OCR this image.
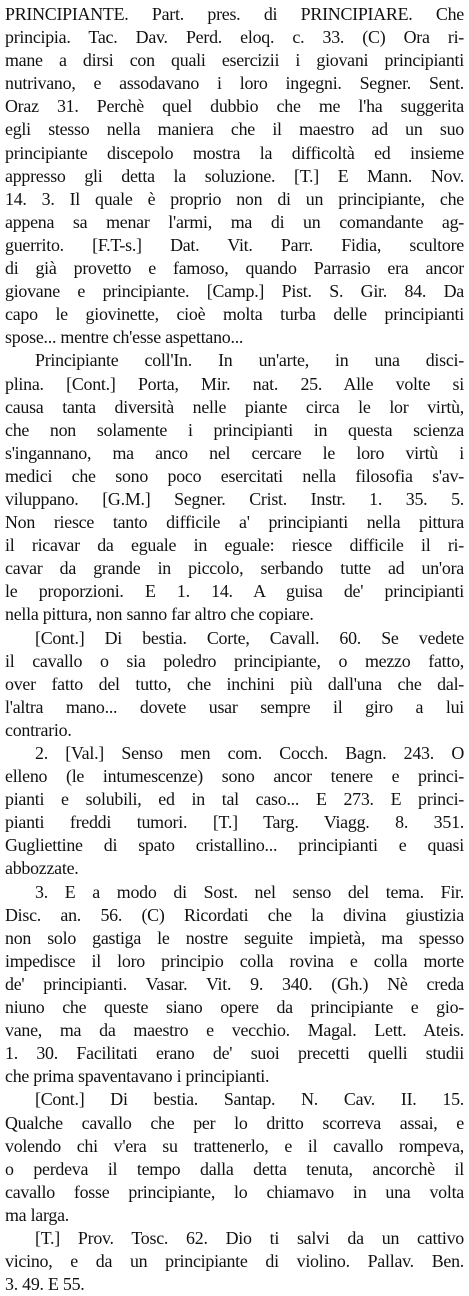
PRINCIPIANTE. Part. pres. di PRINCIPIARE. Che
principia. Tac. Dav. Perd. eloq. c. 33. (C) Ora ri-
mane a dirsi con quali esercizii i giovani principianti
nutrivano, e assodavano i loro ingegni. Segner. Sent.
Oraz 31. Perchè quel dubbio che me l'ha suggerita
egli stesso nella maniera che il maestro ad un suo
principiante discepolo mostra la difficoltà ed insieme
appresso gli detta la soluzione. [T.] E Mann. Nov.
14. 3. Il quale è proprio non di un principiante, che
appena sa menar l'armi, ma di un comandante ag-
guerrito. [F.T-s.] Dat. Vit. Parr. Fidia, scultore
di già provetto e famoso, quando Parrasio era ancor
giovane e principiante. [Camp.] Pist. S. Gir. 84. Da
capo le giovinette, cioè molta turba delle principianti
spose... mentre ch'esse aspettano...
Principiante coll'In. In un'arte, in una disci-
plina. [Cont.] Porta, Mir. nat. 25. Alle volte si
causa tanta diversità nelle piante circa le lor virtù,
che non solamente i principianti in questa scienza
s'ingannano, ma anco nel cercare le loro virtù i
medici che sono poco esercitati nella filosofia s'av-
viluppano. [G.M.] Segner. Crist. Instr. 1. 35. 5.
Non riesce tanto difficile a' principianti nella pittura
il ricavar da eguale in eguale: riesce difficile il ri-
cavar da grande in piccolo, serbando tutte ad un'ora
le proporzioni. E 1. 14. A guisa de' principianti
nella pittura, non sanno far altro che copiare.
[Cont.] Di bestia. Corte, Cavall. 60. Se vedete
il cavallo o sia poledro principiante, o mezzo fatto,
over fatto del tutto, che inchini più dall'una che dal-
l'altra mano... dovete usar sempre il giro a lui
contrario.
2. [Val.] Senso men com. Cocch. Bagn. 243. O
elleno (le intumescenze) sono ancor tenere e princi-
pianti e solubili, ed in tal caso... E 273. E princi-
pianti freddi tumori. [T.] Targ. Viagg. 8. 351.
Gugliettine di spato cristallino... principianti e quasi
abbozzate.
3. E a modo di Sost. nel senso del tema. Fir.
Disc. an. 56. (C) Ricordati che la divina giustizia
non solo gastiga le nostre seguite impietà, ma spesso
impedisce il loro principio colla rovina e colla morte
de' principianti. Vasar. Vit. 9. 340. (Gh.) Nè creda
niuno che queste siano opere da principiante e gio-
vane, ma da maestro e vecchio. Magal. Lett. Ateis.
1. 30. Facilitati erano de' suoi precetti quelli studii
che prima spaventavano i principianti.
[Cont.] Di bestia. Santap. N. Cav. II. 15.
Qualche cavallo che per lo dritto scorreva assai, e
volendo chi v'era su trattenerlo, e il cavallo rompeva,
o perdeva il tempo dalla detta tenuta, ancorchè il
cavallo fosse principiante, lo chiamavo in una volta
ma larga.
[T.] Prov. Tosc. 62. Dio ti salvi da un cattivo
vicino, e da un principiante di violino. Pallav. Ben.
3. 49. E 55.
